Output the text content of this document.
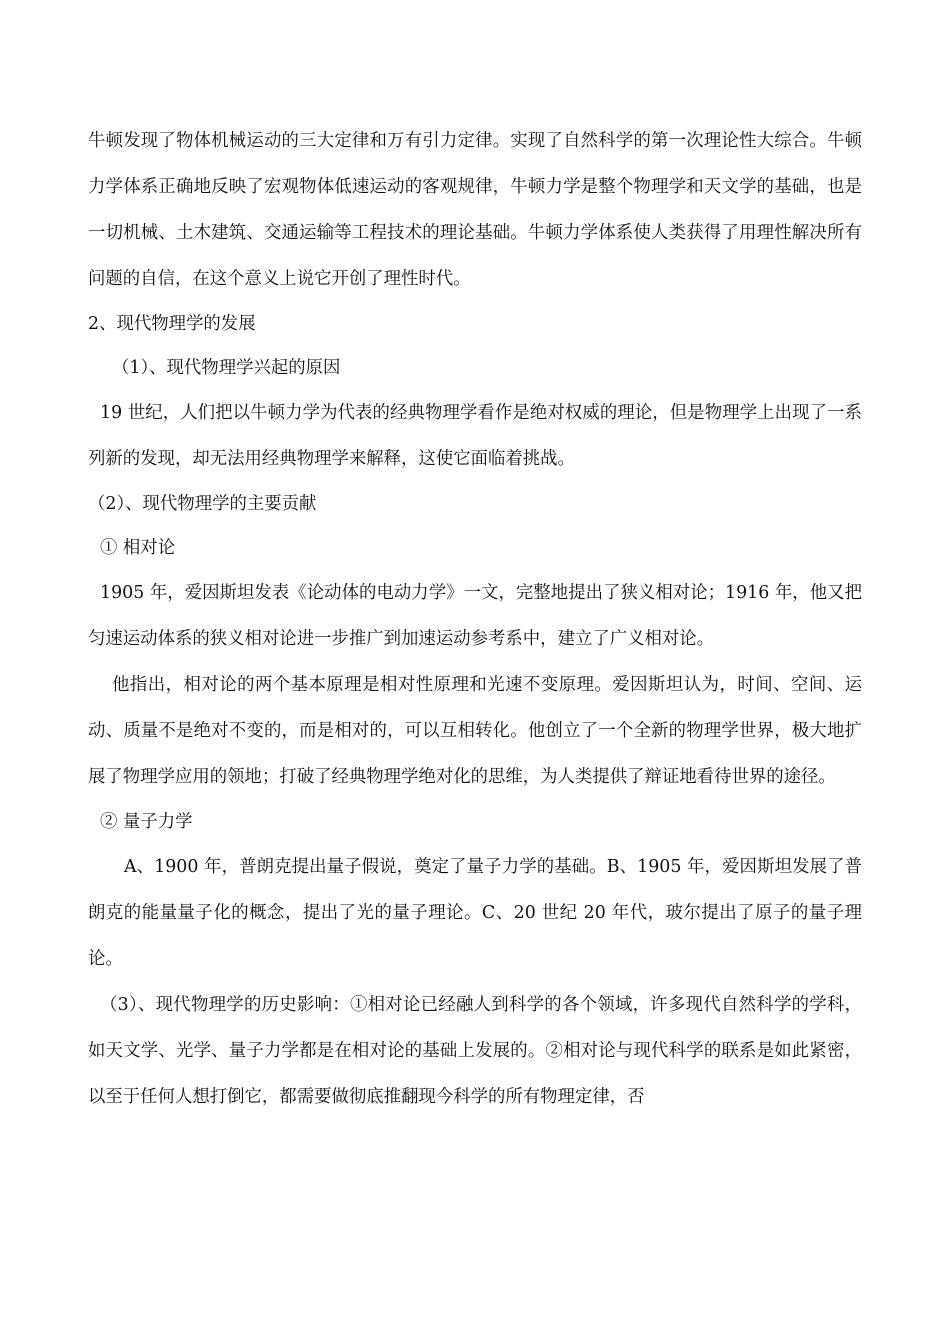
牛顿发现了物体机械运动的三大定律和万有引力定律。实现了自然科学的第一次理论性大综合。牛顿力学体系正确地反映了宏观物体低速运动的客观规律，牛顿力学是整个物理学和天文学的基础，也是一切机械、土木建筑、交通运输等工程技术的理论基础。牛顿力学体系使人类获得了用理性解决所有问题的自信，在这个意义上说它开创了理性时代。

2、现代物理学的发展

（1）、现代物理学兴起的原因

19 世纪，人们把以牛顿力学为代表的经典物理学看作是绝对权威的理论，但是物理学上出现了一系列新的发现，却无法用经典物理学来解释，这使它面临着挑战。

（2）、现代物理学的主要贡献

① 相对论

1905 年，爱因斯坦发表《论动体的电动力学》一文，完整地提出了狭义相对论；1916 年，他又把匀速运动体系的狭义相对论进一步推广到加速运动参考系中，建立了广义相对论。

他指出，相对论的两个基本原理是相对性原理和光速不变原理。爱因斯坦认为，时间、空间、运动、质量不是绝对不变的，而是相对的，可以互相转化。他创立了一个全新的物理学世界，极大地扩展了物理学应用的领地；打破了经典物理学绝对化的思维，为人类提供了辩证地看待世界的途径。

② 量子力学

A、1900 年，普朗克提出量子假说，奠定了量子力学的基础。B、1905 年，爱因斯坦发展了普朗克的能量量子化的概念，提出了光的量子理论。C、20 世纪 20 年代，玻尔提出了原子的量子理论。

（3）、现代物理学的历史影响：①相对论已经融人到科学的各个领域，许多现代自然科学的学科，如天文学、光学、量子力学都是在相对论的基础上发展的。②相对论与现代科学的联系是如此紧密，以至于任何人想打倒它，都需要做彻底推翻现今科学的所有物理定律，否
